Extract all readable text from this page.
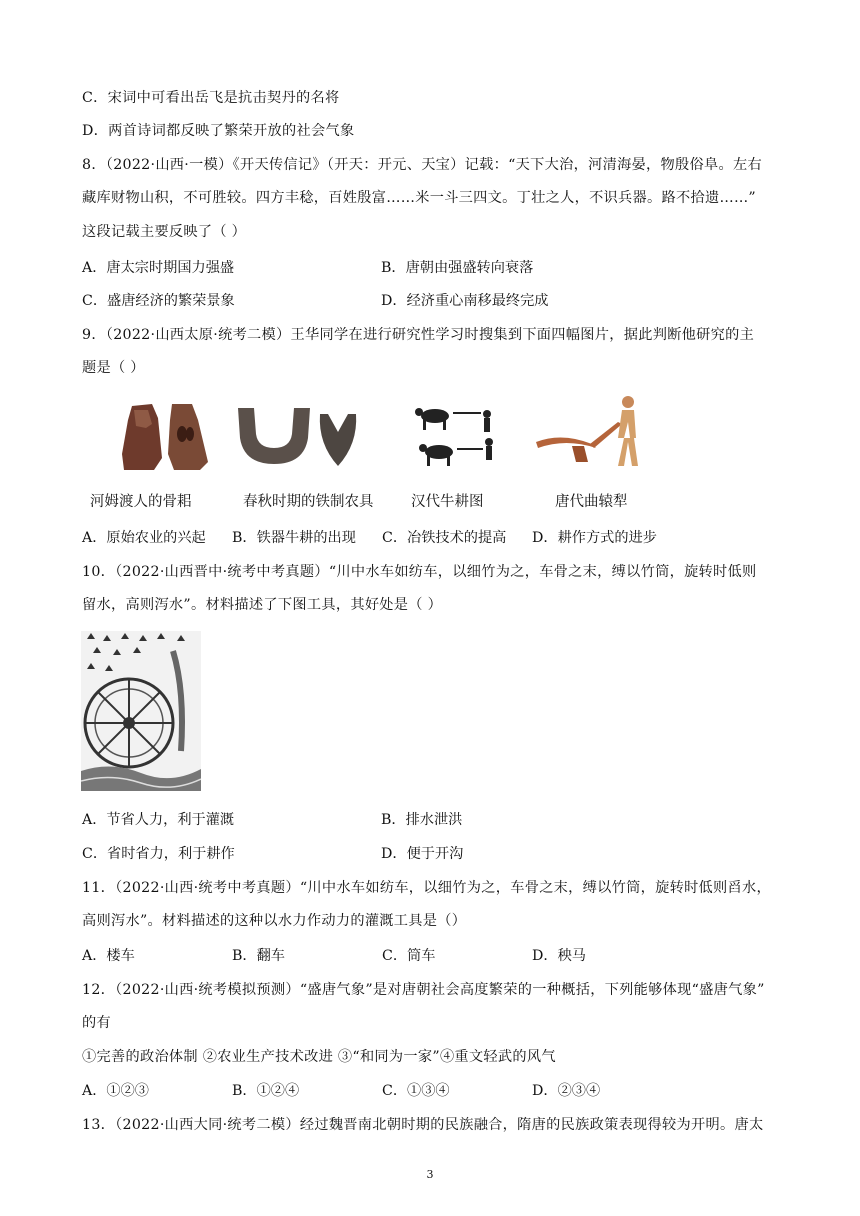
C．宋词中可看出岳飞是抗击契丹的名将
D．两首诗词都反映了繁荣开放的社会气象
8．（2022·山西·一模）《开天传信记》（开天：开元、天宝）记载：“天下大治，河清海晏，物殷俗阜。左右
藏库财物山积，不可胜较。四方丰稔，百姓殷富……米一斗三四文。丁壮之人，不识兵器。路不拾遗……”
这段记载主要反映了（ ）
A．唐太宗时期国力强盛	B．唐朝由强盛转向衰落
C．盛唐经济的繁荣景象	D．经济重心南移最终完成
9．（2022·山西太原·统考二模）王华同学在进行研究性学习时搜集到下面四幅图片，据此判断他研究的主
题是（ ）
河姆渡人的骨耜	春秋时期的铁制农具	汉代牛耕图	唐代曲辕犁
A．原始农业的兴起 B．铁器牛耕的出现 C．冶铁技术的提高 D．耕作方式的进步
10．（2022·山西晋中·统考中考真题）“川中水车如纺车，以细竹为之，车骨之末，缚以竹筒，旋转时低则
留水，高则泻水”。材料描述了下图工具，其好处是（ ）
A．节省人力，利于灌溉	B．排水泄洪
C．省时省力，利于耕作	D．便于开沟
11．（2022·山西·统考中考真题）“川中水车如纺车，以细竹为之，车骨之末，缚以竹筒，旋转时低则舀水，
高则泻水”。材料描述的这种以水力作动力的灌溉工具是（）
A．楼车	B．翻车	C．筒车	D．秧马
12．（2022·山西·统考模拟预测）“盛唐气象”是对唐朝社会高度繁荣的一种概括，下列能够体现“盛唐气象”
的有
①完善的政治体制 ②农业生产技术改进 ③“和同为一家”④重文轻武的风气
A．①②③	B．①②④	C．①③④	D．②③④
13．（2022·山西大同·统考二模）经过魏晋南北朝时期的民族融合，隋唐的民族政策表现得较为开明。唐太
3
